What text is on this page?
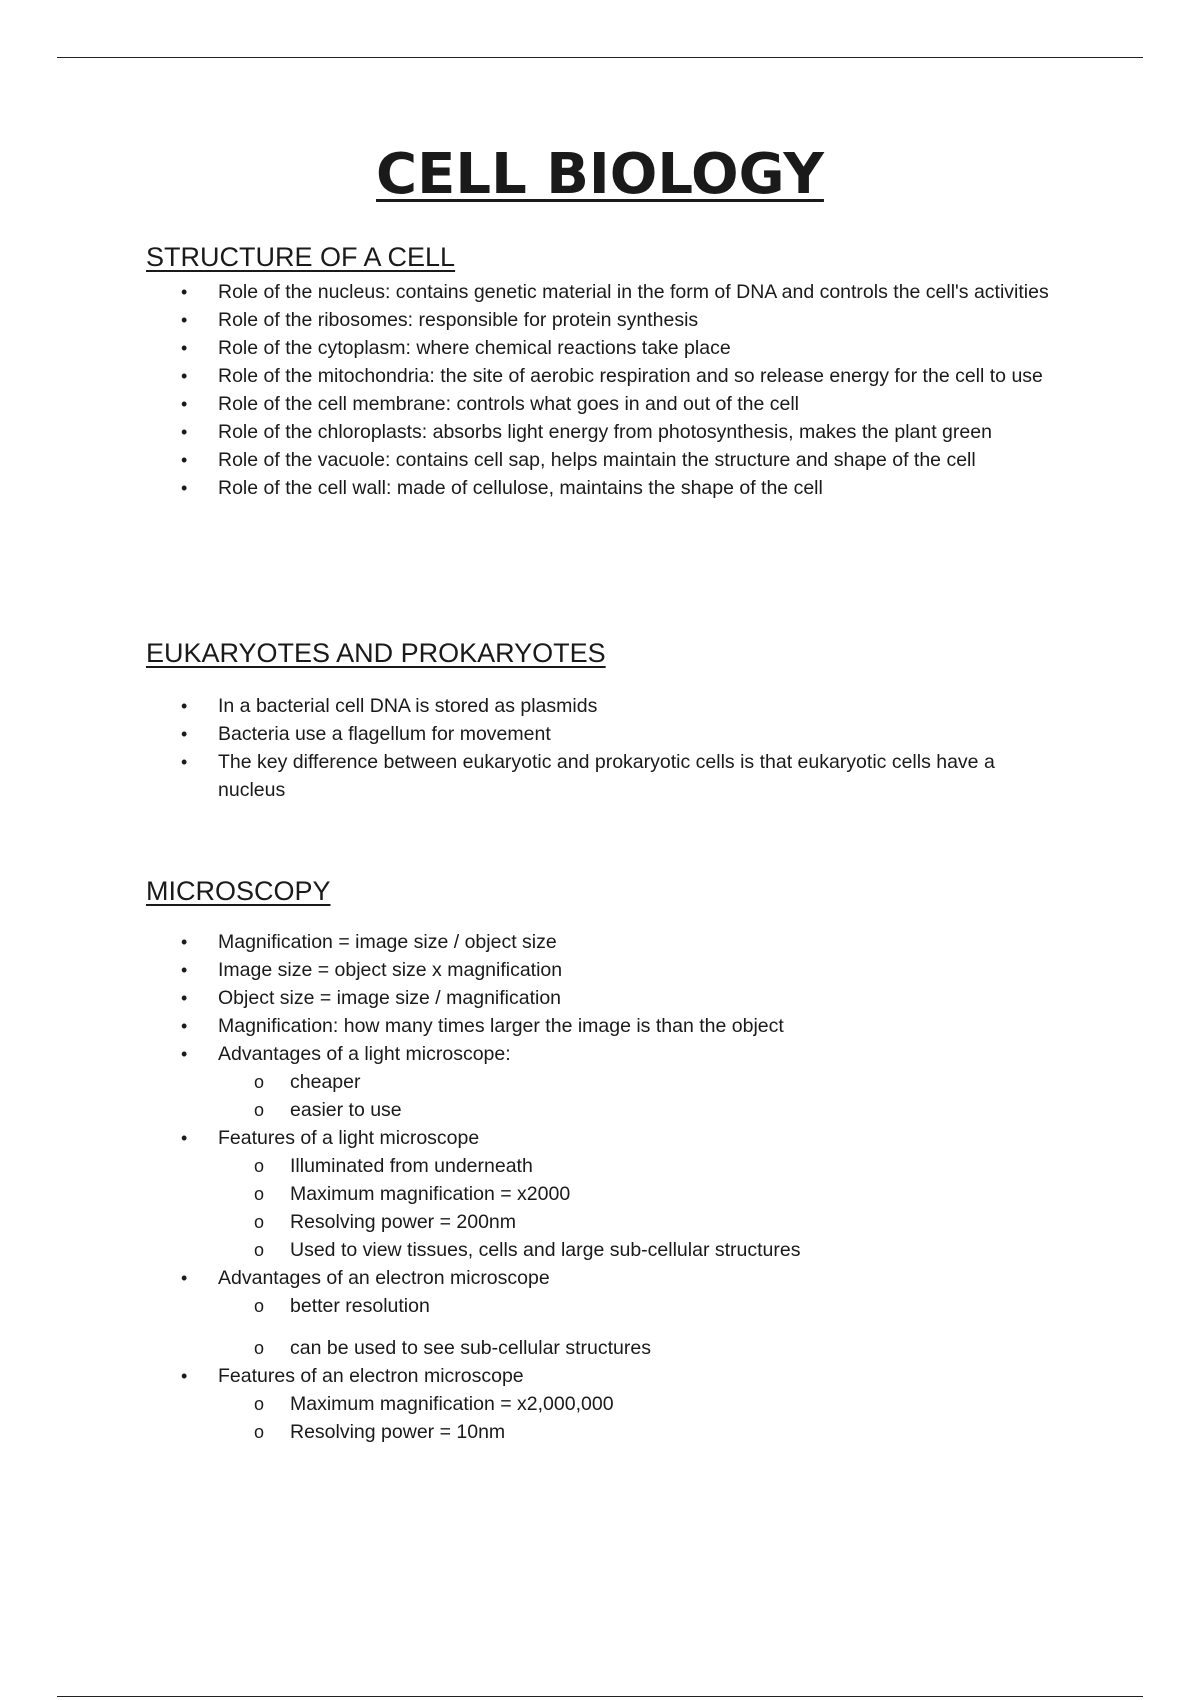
CELL BIOLOGY
STRUCTURE OF A CELL
• Role of the nucleus: contains genetic material in the form of DNA and controls the cell's activities
• Role of the ribosomes: responsible for protein synthesis
• Role of the cytoplasm: where chemical reactions take place
• Role of the mitochondria: the site of aerobic respiration and so release energy for the cell to use
• Role of the cell membrane: controls what goes in and out of the cell
• Role of the chloroplasts: absorbs light energy from photosynthesis, makes the plant green
• Role of the vacuole: contains cell sap, helps maintain the structure and shape of the cell
• Role of the cell wall: made of cellulose, maintains the shape of the cell
EUKARYOTES AND PROKARYOTES
• In a bacterial cell DNA is stored as plasmids
• Bacteria use a flagellum for movement
• The key difference between eukaryotic and prokaryotic cells is that eukaryotic cells have a nucleus
MICROSCOPY
• Magnification = image size / object size
• Image size = object size x magnification
• Object size = image size / magnification
• Magnification: how many times larger the image is than the object
• Advantages of a light microscope:
o cheaper
o easier to use
• Features of a light microscope
o Illuminated from underneath
o Maximum magnification = x2000
o Resolving power = 200nm
o Used to view tissues, cells and large sub-cellular structures
• Advantages of an electron microscope
o better resolution
o can be used to see sub-cellular structures
• Features of an electron microscope
o Maximum magnification = x2,000,000
o Resolving power = 10nm
